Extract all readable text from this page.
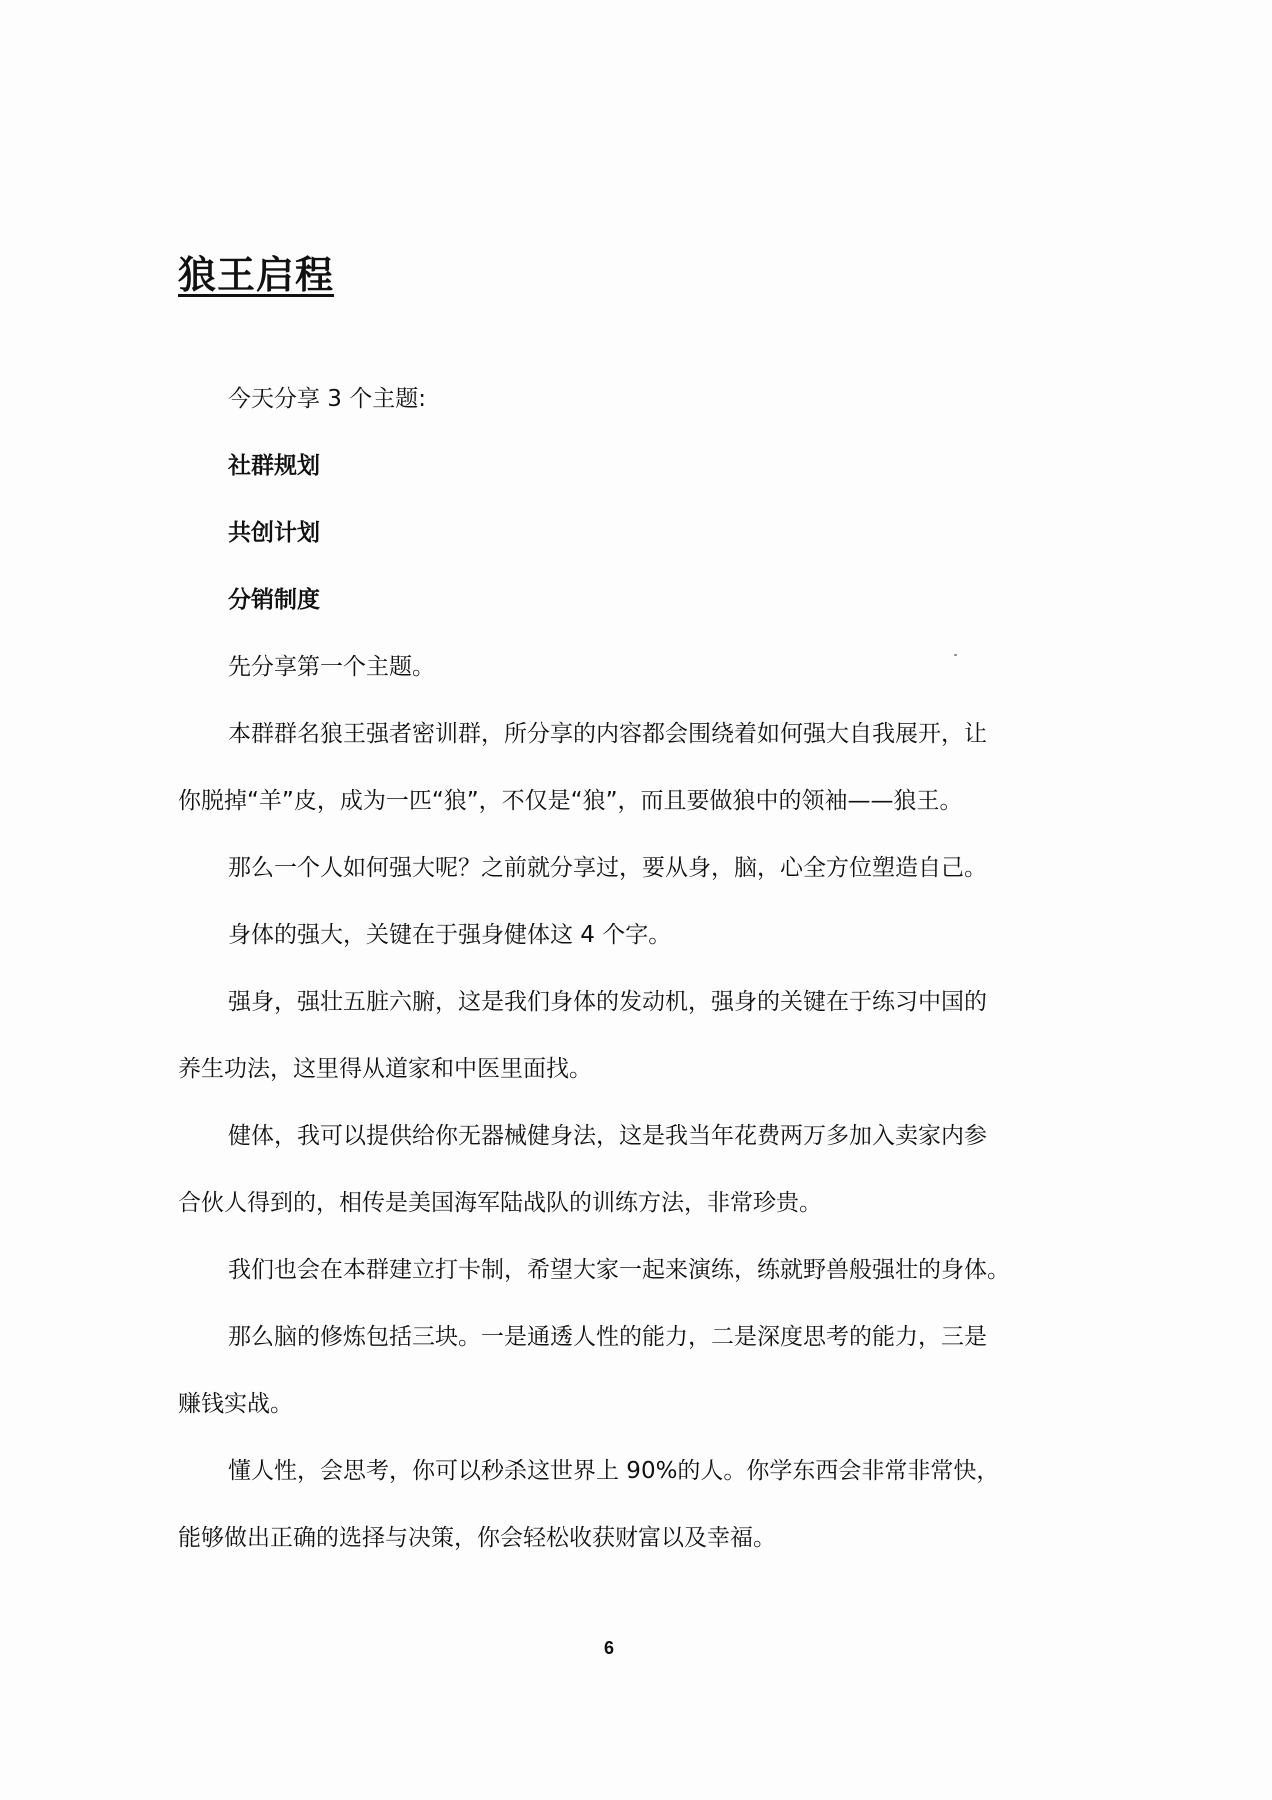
狼王启程

今天分享 3 个主题:

社群规划

共创计划

分销制度

先分享第一个主题。

本群群名狼王强者密训群，所分享的内容都会围绕着如何强大自我展开，让

你脱掉“羊”皮，成为一匹“狼”，不仅是“狼”，而且要做狼中的领袖——狼王。

那么一个人如何强大呢？之前就分享过，要从身，脑，心全方位塑造自己。

身体的强大，关键在于强身健体这 4 个字。

强身，强壮五脏六腑，这是我们身体的发动机，强身的关键在于练习中国的

养生功法，这里得从道家和中医里面找。

健体，我可以提供给你无器械健身法，这是我当年花费两万多加入卖家内参

合伙人得到的，相传是美国海军陆战队的训练方法，非常珍贵。

我们也会在本群建立打卡制，希望大家一起来演练，练就野兽般强壮的身体。

那么脑的修炼包括三块。一是通透人性的能力，二是深度思考的能力，三是

赚钱实战。

懂人性，会思考，你可以秒杀这世界上 90%的人。你学东西会非常非常快，

能够做出正确的选择与决策，你会轻松收获财富以及幸福。

6
